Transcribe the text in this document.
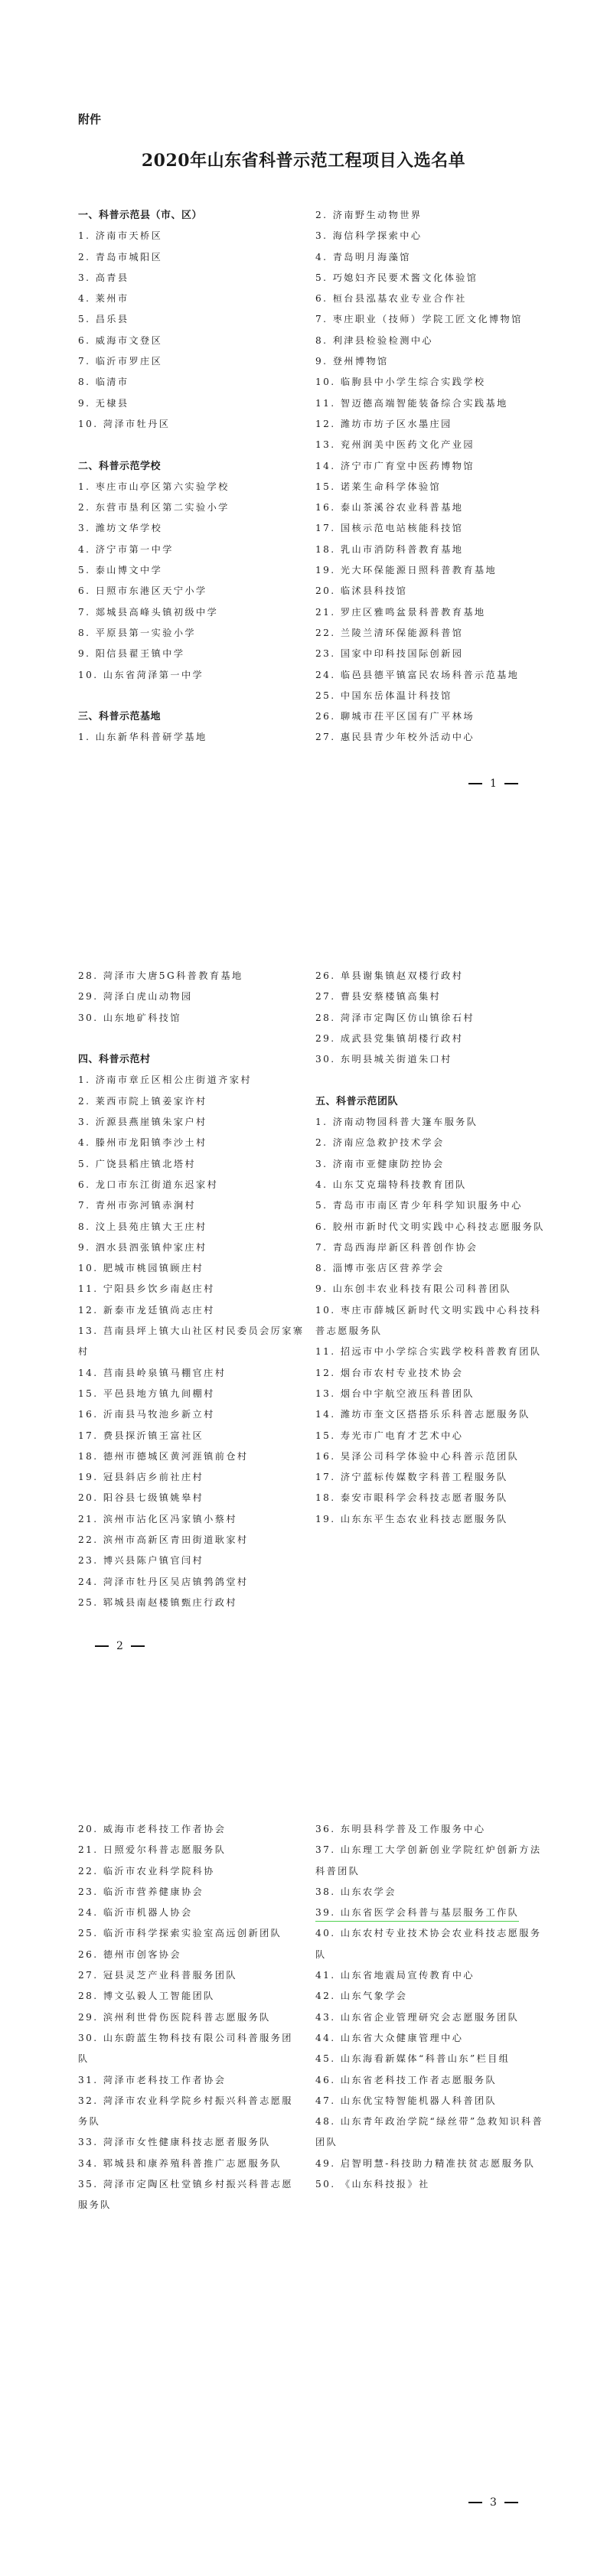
附件
2020年山东省科普示范工程项目入选名单
一、科普示范县（市、区）
1. 济南市天桥区
2. 青岛市城阳区
3. 高青县
4. 莱州市
5. 昌乐县
6. 威海市文登区
7. 临沂市罗庄区
8. 临清市
9. 无棣县
10. 菏泽市牡丹区
二、科普示范学校
1. 枣庄市山亭区第六实验学校
2. 东营市垦利区第二实验小学
3. 潍坊文华学校
4. 济宁市第一中学
5. 泰山博文中学
6. 日照市东港区天宁小学
7. 郯城县高峰头镇初级中学
8. 平原县第一实验小学
9. 阳信县翟王镇中学
10. 山东省菏泽第一中学
三、科普示范基地
1. 山东新华科普研学基地
2. 济南野生动物世界
3. 海信科学探索中心
4. 青岛明月海藻馆
5. 巧媳妇齐民要术酱文化体验馆
6. 桓台县泓基农业专业合作社
7. 枣庄职业（技师）学院工匠文化博物馆
8. 利津县检验检测中心
9. 登州博物馆
10. 临朐县中小学生综合实践学校
11. 智迈德高端智能装备综合实践基地
12. 潍坊市坊子区水墨庄园
13. 兖州润美中医药文化产业园
14. 济宁市广育堂中医药博物馆
15. 诺莱生命科学体验馆
16. 泰山茶溪谷农业科普基地
17. 国核示范电站核能科技馆
18. 乳山市消防科普教育基地
19. 光大环保能源日照科普教育基地
20. 临沭县科技馆
21. 罗庄区雅鸣盆景科普教育基地
22. 兰陵兰清环保能源科普馆
23. 国家中印科技国际创新园
24. 临邑县德平镇富民农场科普示范基地
25. 中国东岳体温计科技馆
26. 聊城市茌平区国有广平林场
27. 惠民县青少年校外活动中心
1
28. 菏泽市大唐5G科普教育基地
29. 菏泽白虎山动物园
30. 山东地矿科技馆
四、科普示范村
1. 济南市章丘区相公庄街道齐家村
2. 莱西市院上镇姜家许村
3. 沂源县燕崖镇朱家户村
4. 滕州市龙阳镇李沙土村
5. 广饶县稻庄镇北塔村
6. 龙口市东江街道东迟家村
7. 青州市弥河镇赤涧村
8. 汶上县苑庄镇大王庄村
9. 泗水县泗张镇仲家庄村
10. 肥城市桃园镇顾庄村
11. 宁阳县乡饮乡南赵庄村
12. 新泰市龙廷镇尚志庄村
13. 莒南县坪上镇大山社区村民委员会厉家寨村
14. 莒南县岭泉镇马棚官庄村
15. 平邑县地方镇九间棚村
16. 沂南县马牧池乡新立村
17. 费县探沂镇王富社区
18. 德州市德城区黄河涯镇前仓村
19. 冠县斜店乡前社庄村
20. 阳谷县七级镇姚皋村
21. 滨州市沾化区冯家镇小蔡村
22. 滨州市高新区青田街道耿家村
23. 博兴县陈户镇官闫村
24. 菏泽市牡丹区吴店镇鹁鸽堂村
25. 郓城县南赵楼镇甄庄行政村
26. 单县谢集镇赵双楼行政村
27. 曹县安蔡楼镇高集村
28. 菏泽市定陶区仿山镇徐石村
29. 成武县党集镇胡楼行政村
30. 东明县城关街道朱口村
五、科普示范团队
1. 济南动物园科普大篷车服务队
2. 济南应急救护技术学会
3. 济南市亚健康防控协会
4. 山东艾克瑞特科技教育团队
5. 青岛市市南区青少年科学知识服务中心
6. 胶州市新时代文明实践中心科技志愿服务队
7. 青岛西海岸新区科普创作协会
8. 淄博市张店区营养学会
9. 山东创丰农业科技有限公司科普团队
10. 枣庄市薛城区新时代文明实践中心科技科普志愿服务队
11. 招远市中小学综合实践学校科普教育团队
12. 烟台市农村专业技术协会
13. 烟台中宇航空液压科普团队
14. 潍坊市奎文区搭搭乐乐科普志愿服务队
15. 寿光市广电育才艺术中心
16. 昊泽公司科学体验中心科普示范团队
17. 济宁蓝标传媒数字科普工程服务队
18. 泰安市眼科学会科技志愿者服务队
19. 山东东平生态农业科技志愿服务队
2
20. 威海市老科技工作者协会
21. 日照爱尔科普志愿服务队
22. 临沂市农业科学院科协
23. 临沂市营养健康协会
24. 临沂市机器人协会
25. 临沂市科学探索实验室高远创新团队
26. 德州市创客协会
27. 冠县灵芝产业科普服务团队
28. 博文弘毅人工智能团队
29. 滨州利世骨伤医院科普志愿服务队
30. 山东蔚蓝生物科技有限公司科普服务团队
31. 菏泽市老科技工作者协会
32. 菏泽市农业科学院乡村振兴科普志愿服务队
33. 菏泽市女性健康科技志愿者服务队
34. 郓城县和康养殖科普推广志愿服务队
35. 菏泽市定陶区杜堂镇乡村振兴科普志愿服务队
36. 东明县科学普及工作服务中心
37. 山东理工大学创新创业学院红炉创新方法科普团队
38. 山东农学会
39. 山东省医学会科普与基层服务工作队
40. 山东农村专业技术协会农业科技志愿服务队
41. 山东省地震局宣传教育中心
42. 山东气象学会
43. 山东省企业管理研究会志愿服务团队
44. 山东省大众健康管理中心
45. 山东海看新媒体“科普山东”栏目组
46. 山东省老科技工作者志愿服务队
47. 山东优宝特智能机器人科普团队
48. 山东青年政治学院“绿丝带”急救知识科普团队
49. 启智明慧-科技助力精准扶贫志愿服务队
50. 《山东科技报》社
3
